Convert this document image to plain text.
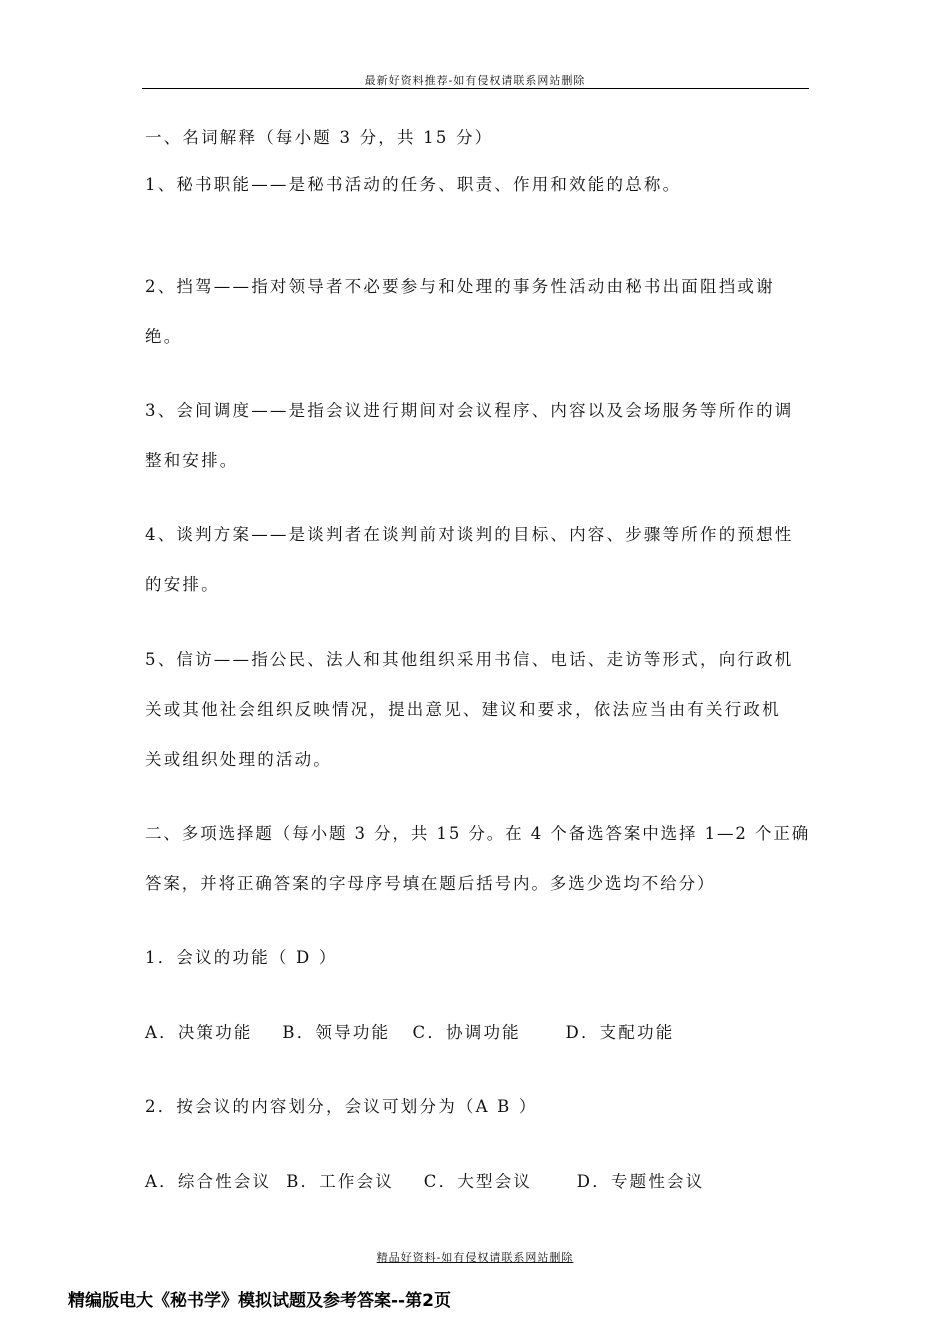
最新好资料推荐-如有侵权请联系网站删除
一、名词解释（每小题 3 分，共 15 分）
1、秘书职能——是秘书活动的任务、职责、作用和效能的总称。
2、挡驾——指对领导者不必要参与和处理的事务性活动由秘书出面阻挡或谢
绝。
3、会间调度——是指会议进行期间对会议程序、内容以及会场服务等所作的调
整和安排。
4、谈判方案——是谈判者在谈判前对谈判的目标、内容、步骤等所作的预想性
的安排。
5、信访——指公民、法人和其他组织采用书信、电话、走访等形式，向行政机
关或其他社会组织反映情况，提出意见、建议和要求，依法应当由有关行政机
关或组织处理的活动。
二、多项选择题（每小题 3 分，共 15 分。在 4 个备选答案中选择 1—2 个正确
答案，并将正确答案的字母序号填在题后括号内。多选少选均不给分）
1．会议的功能（ D ）
A．决策功能    B．领导功能   C．协调功能      D．支配功能
2．按会议的内容划分，会议可划分为（A B ）
A．综合性会议  B．工作会议    C．大型会议      D．专题性会议
精品好资料-如有侵权请联系网站删除
精编版电大《秘书学》模拟试题及参考答案--第2页
